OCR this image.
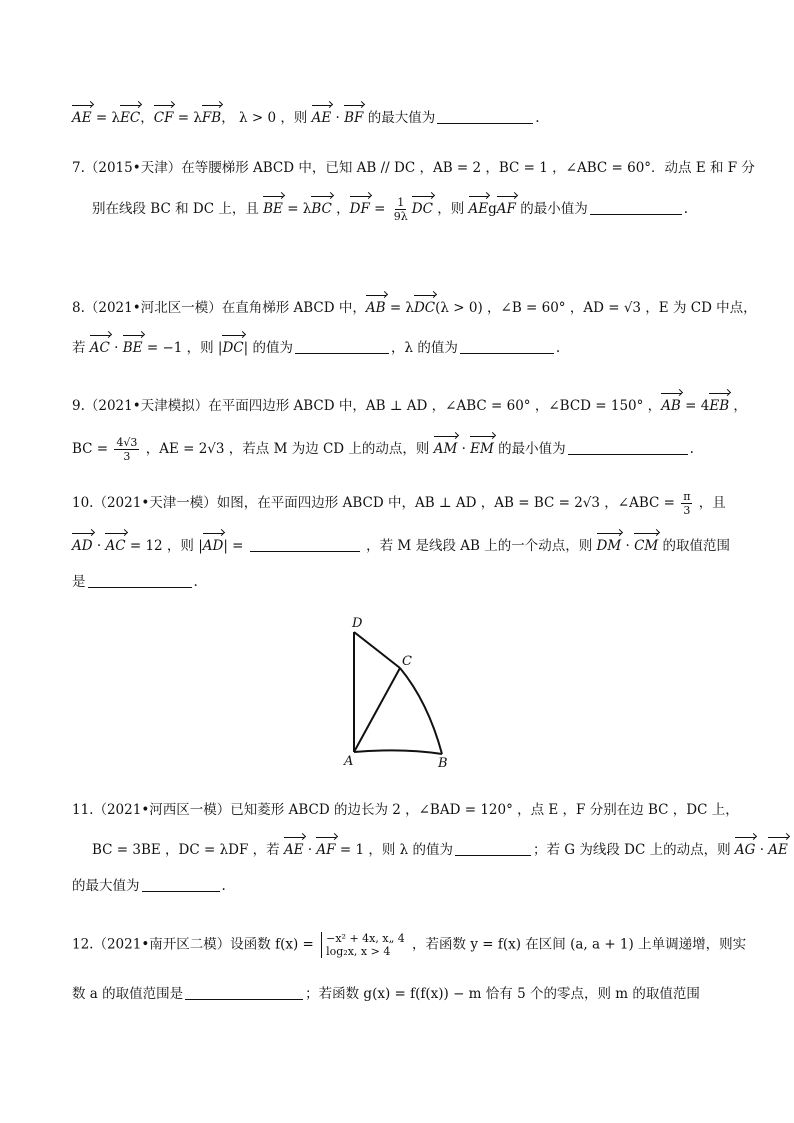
AE = λEC，CF = λFB， λ > 0 ，则 AE · BF 的最大值为	.
7.（2015•天津）在等腰梯形 ABCD 中，已知 AB // DC ，AB = 2 ，BC = 1 ，∠ABC = 60°．动点 E 和 F 分
别在线段 BC 和 DC 上，且 BE = λBC ，DF = $\frac{1}{9\lambda}$ DC ，则 AEgAF 的最小值为	.
8.（2021•河北区一模）在直角梯形 ABCD 中，AB = λDC(λ > 0) ，∠B = 60° ，AD = √3 ，E 为 CD 中点，
若 AC · BE = −1 ，则 |DC| 的值为	，λ 的值为	.
9.（2021•天津模拟）在平面四边形 ABCD 中，AB ⊥ AD ，∠ABC = 60° ，∠BCD = 150° ，AB = 4EB ，
BC = $\frac{4√3}{3}$ ，AE = 2√3 ，若点 M 为边 CD 上的动点，则 AM · EM 的最小值为	.
10.（2021•天津一模）如图，在平面四边形 ABCD 中，AB ⊥ AD ，AB = BC = 2√3 ，∠ABC = $\frac{\pi}{3}$ ，且
AD · AC = 12 ，则 |AD| =	，若 M 是线段 AB 上的一个动点，则 DM · CM 的取值范围
是	.
D
C
A	B
11.（2021•河西区一模）已知菱形 ABCD 的边长为 2 ，∠BAD = 120° ，点 E ，F 分别在边 BC ，DC 上，
BC = 3BE ，DC = λDF ，若 AE · AF = 1 ，则 λ 的值为	；若 G 为线段 DC 上的动点，则 AG · AE
的最大值为	.
12.（2021•南开区二模）设函数 f(x) = −x² + 4x, x„ 4
log₂x, x > 4	，若函数 y = f(x) 在区间 (a, a + 1) 上单调递增，则实
数 a 的取值范围是	；若函数 g(x) = f(f(x)) − m 恰有 5 个的零点，则 m 的取值范围
